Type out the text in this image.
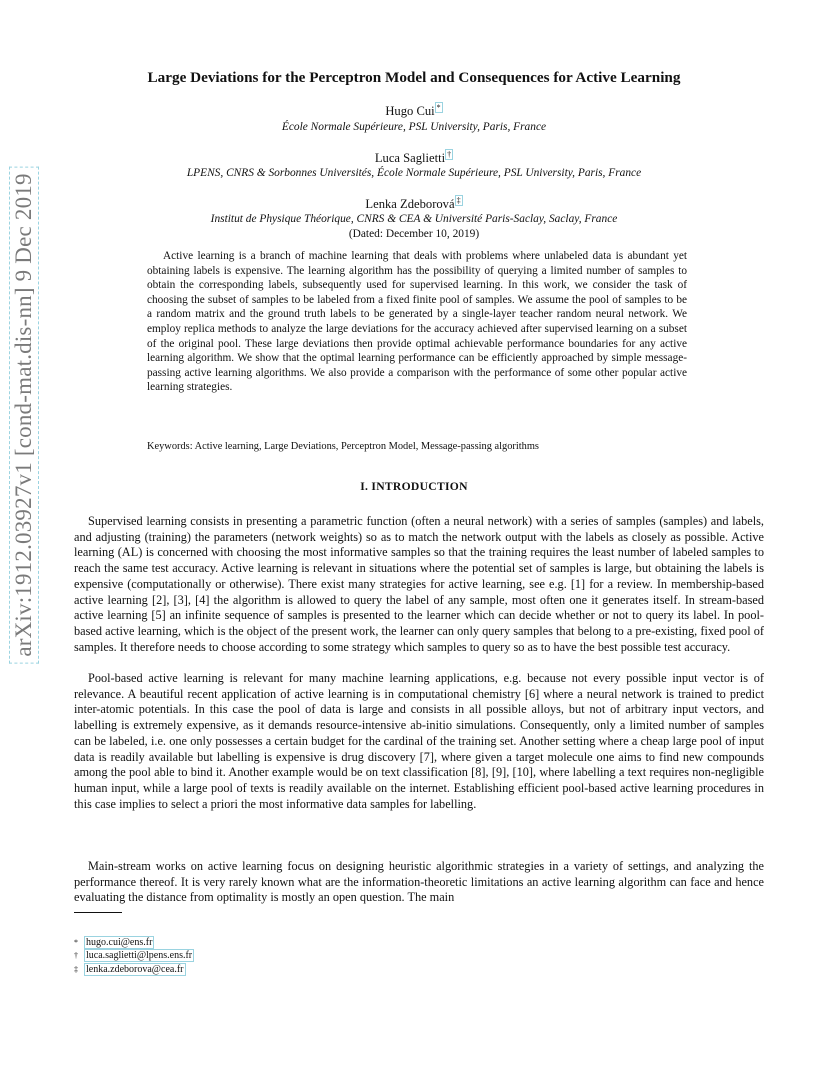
arXiv:1912.03927v1 [cond-mat.dis-nn] 9 Dec 2019
Large Deviations for the Perceptron Model and Consequences for Active Learning
Hugo Cui *
École Normale Supérieure, PSL University, Paris, France
Luca Saglietti †
LPENS, CNRS & Sorbonnes Universités, École Normale Supérieure, PSL University, Paris, France
Lenka Zdeborová ‡
Institut de Physique Théorique, CNRS & CEA & Université Paris-Saclay, Saclay, France
(Dated: December 10, 2019)

Active learning is a branch of machine learning that deals with problems where unlabeled data is abundant yet obtaining labels is expensive. The learning algorithm has the possibility of querying a limited number of samples to obtain the corresponding labels, subsequently used for supervised learning. In this work, we consider the task of choosing the subset of samples to be labeled from a fixed finite pool of samples. We assume the pool of samples to be a random matrix and the ground truth labels to be generated by a single-layer teacher random neural network. We employ replica methods to analyze the large deviations for the accuracy achieved after supervised learning on a subset of the original pool. These large deviations then provide optimal achievable performance boundaries for any active learning algorithm. We show that the optimal learning performance can be efficiently approached by simple message-passing active learning algorithms. We also provide a comparison with the performance of some other popular active learning strategies.

Keywords: Active learning, Large Deviations, Perceptron Model, Message-passing algorithms
I. INTRODUCTION

Supervised learning consists in presenting a parametric function (often a neural network) with a series of samples (samples) and labels, and adjusting (training) the parameters (network weights) so as to match the network output with the labels as closely as possible. Active learning (AL) is concerned with choosing the most informative samples so that the training requires the least number of labeled samples to reach the same test accuracy. Active learning is relevant in situations where the potential set of samples is large, but obtaining the labels is expensive (computationally or otherwise). There exist many strategies for active learning, see e.g. [1] for a review. In membership-based active learning [2], [3], [4] the algorithm is allowed to query the label of any sample, most often one it generates itself. In stream-based active learning [5] an infinite sequence of samples is presented to the learner which can decide whether or not to query its label. In pool-based active learning, which is the object of the present work, the learner can only query samples that belong to a pre-existing, fixed pool of samples. It therefore needs to choose according to some strategy which samples to query so as to have the best possible test accuracy.

Pool-based active learning is relevant for many machine learning applications, e.g. because not every possible input vector is of relevance. A beautiful recent application of active learning is in computational chemistry [6] where a neural network is trained to predict inter-atomic potentials. In this case the pool of data is large and consists in all possible alloys, but not of arbitrary input vectors, and labelling is extremely expensive, as it demands resource-intensive ab-initio simulations. Consequently, only a limited number of samples can be labeled, i.e. one only possesses a certain budget for the cardinal of the training set. Another setting where a cheap large pool of input data is readily available but labelling is expensive is drug discovery [7], where given a target molecule one aims to find new compounds among the pool able to bind it. Another example would be on text classification [8], [9], [10], where labelling a text requires non-negligible human input, while a large pool of texts is readily available on the internet. Establishing efficient pool-based active learning procedures in this case implies to select a priori the most informative data samples for labelling.

Main-stream works on active learning focus on designing heuristic algorithmic strategies in a variety of settings, and analyzing the performance thereof. It is very rarely known what are the information-theoretic limitations an active learning algorithm can face and hence evaluating the distance from optimality is mostly an open question. The main

* hugo.cui@ens.fr
† luca.saglietti@lpens.ens.fr
‡ lenka.zdeborova@cea.fr
